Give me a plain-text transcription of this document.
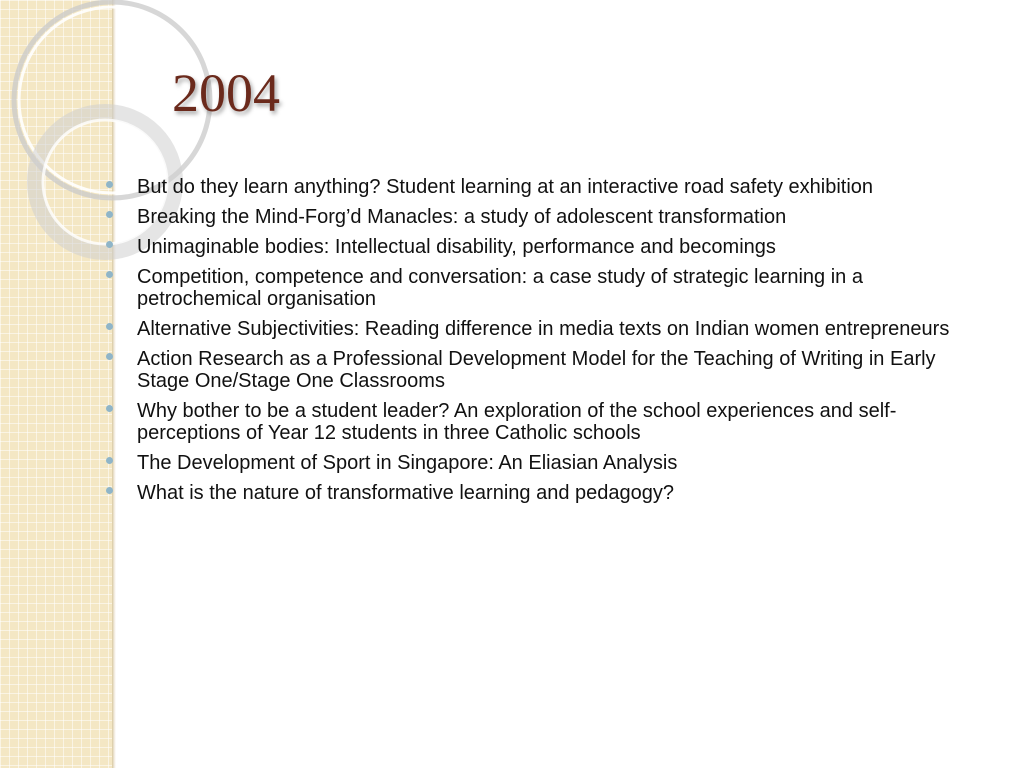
2004
But do they learn anything? Student learning at an interactive road safety exhibition
Breaking the Mind-Forg’d Manacles: a study of adolescent transformation
Unimaginable bodies: Intellectual disability, performance and becomings
Competition, competence and conversation: a case study of strategic learning in a petrochemical organisation
Alternative Subjectivities: Reading difference in media texts on Indian women entrepreneurs
Action Research as a Professional Development Model for the Teaching of Writing in Early Stage One/Stage One Classrooms
Why bother to be a student leader? An exploration of the school experiences and self-perceptions of Year 12 students in three Catholic schools
The Development of Sport in Singapore: An Eliasian Analysis
What is the nature of transformative learning and pedagogy?
